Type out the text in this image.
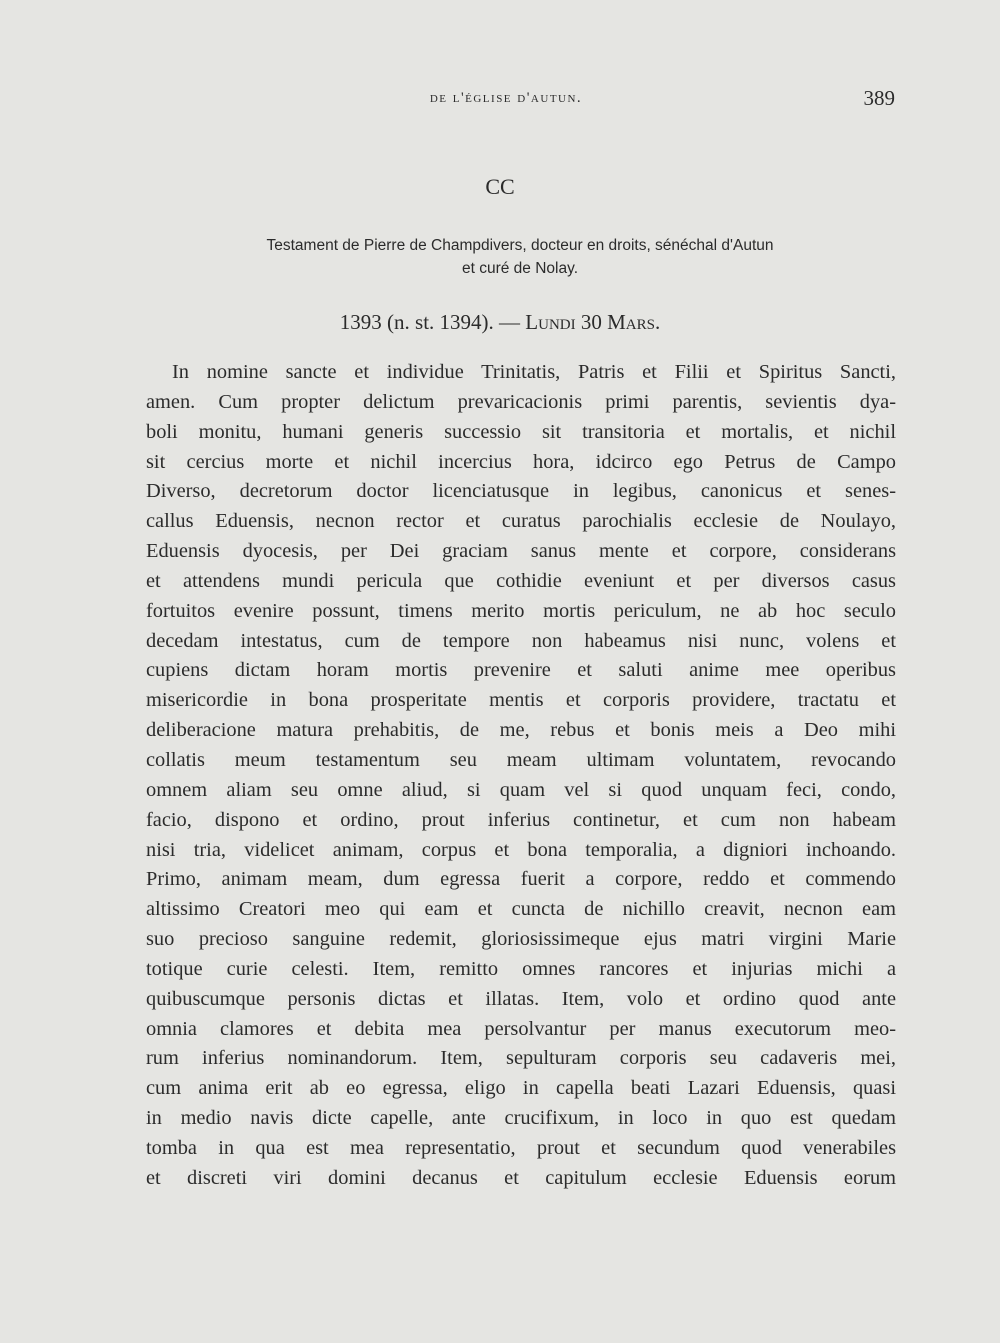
de l'église d'autun.	389
CC
Testament de Pierre de Champdivers, docteur en droits, sénéchal d'Autun
et curé de Nolay.
1393 (n. st. 1394). — Lundi 30 Mars.
In nomine sancte et individue Trinitatis, Patris et Filii et Spiritus Sancti,
amen. Cum propter delictum prevaricacionis primi parentis, sevientis dya-
boli monitu, humani generis successio sit transitoria et mortalis, et nichil
sit cercius morte et nichil incercius hora, idcirco ego Petrus de Campo
Diverso, decretorum doctor licenciatusque in legibus, canonicus et senes-
callus Eduensis, necnon rector et curatus parochialis ecclesie de Noulayo,
Eduensis dyocesis, per Dei graciam sanus mente et corpore, considerans
et attendens mundi pericula que cothidie eveniunt et per diversos casus
fortuitos evenire possunt, timens merito mortis periculum, ne ab hoc seculo
decedam intestatus, cum de tempore non habeamus nisi nunc, volens et
cupiens dictam horam mortis prevenire et saluti anime mee operibus
misericordie in bona prosperitate mentis et corporis providere, tractatu et
deliberacione matura prehabitis, de me, rebus et bonis meis a Deo mihi
collatis meum testamentum seu meam ultimam voluntatem, revocando
omnem aliam seu omne aliud, si quam vel si quod unquam feci, condo,
facio, dispono et ordino, prout inferius continetur, et cum non habeam
nisi tria, videlicet animam, corpus et bona temporalia, a digniori inchoando.
Primo, animam meam, dum egressa fuerit a corpore, reddo et commendo
altissimo Creatori meo qui eam et cuncta de nichillo creavit, necnon eam
suo precioso sanguine redemit, gloriosissimeque ejus matri virgini Marie
totique curie celesti. Item, remitto omnes rancores et injurias michi a
quibuscumque personis dictas et illatas. Item, volo et ordino quod ante
omnia clamores et debita mea persolvantur per manus executorum meo-
rum inferius nominandorum. Item, sepulturam corporis seu cadaveris mei,
cum anima erit ab eo egressa, eligo in capella beati Lazari Eduensis, quasi
in medio navis dicte capelle, ante crucifixum, in loco in quo est quedam
tomba in qua est mea representatio, prout et secundum quod venerabiles
et discreti viri domini decanus et capitulum ecclesie Eduensis eorum
